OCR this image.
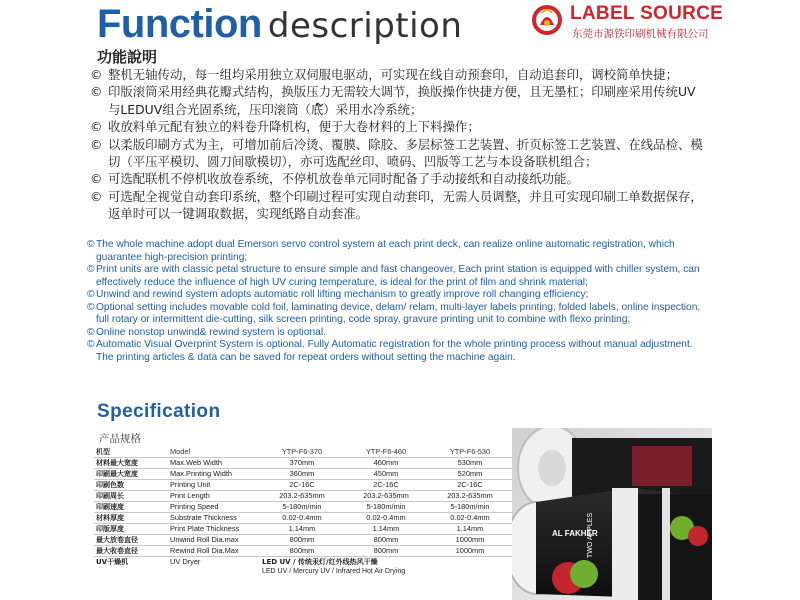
Function description	LABEL SOURCE
东莞市源铁印刷机械有限公司
功能說明
© 整机无轴传动，每一组均采用独立双伺服电驱动，可实现在线自动预套印，自动追套印，调校简单快捷；
© 印版滚筒采用经典花瓣式结构，换版压力无需较大调节，换版操作快捷方便，且无墨杠；印刷座采用传统UV与LEDUV组合光固系统，压印滚筒（底໌）采用水冷系统；
© 收放料单元配有独立的料卷升降机构，便于大卷材料的上下料操作；
© 以柔版印刷方式为主，可增加前后冷烫、覆膜、除胶、多层标签工艺装置、折页标签工艺装置、在线品检、模切（平压平模切、圆刀间歇模切），亦可选配丝印、喷码、凹版等工艺与本设备联机组合；
© 可选配联机不停机收放卷系统，不停机放卷单元同时配备了手动接纸和自动接纸功能。
© 可选配全视觉自动套印系统，整个印刷过程可实现自动套印，无需人员调整，并且可实现印刷工单数据保存，返单时可以一键调取数据，实现纸路自动套准。
© The whole machine adopt dual Emerson servo control system at each print deck, can realize online automatic registration, which guarantee high-precision printing;
© Print units are with classic petal structure to ensure simple and fast changeover, Each print station is equipped with chiller system, can effectively reduce the influence of high UV curing temperature, is ideal for the print of film and shrink material;
© Unwind and rewind system adopts automatic roll lifting mechanism to greatly improve roll changing efficiency;
© Optional setting includes movable cold foil, laminating device, delam/ relam, multi-layer labels printing, folded labels, online inspection, full rotary or intermittent die-cutting, silk screen printing, code spray, gravure printing unit to combine with flexo printing;
© Online nonstop unwind& rewind system is optional.
© Automatic Visual Overprint System is optional. Fully Automatic registration for the whole printing process without manual adjustment. The printing articles & data can be saved for repeat orders without setting the machine again.
Specification
产品规格
机型	Model	YTP-F6-370	YTP-F6-460	YTP-F6-530
材料最大宽度	Max.Web Width	370mm	460mm	530mm
印刷最大宽度	Max.Printing Width	360mm	450mm	520mm
印刷色数	Printing Unit	2C-16C	2C-16C	2C-16C
印刷周长	Print Length	203.2-635mm	203.2-635mm	203.2-635mm
印刷速度	Printing Speed	5-180m/min	5-180m/min	5-180m/min
材料厚度	Substrate Thickness	0.02-0.4mm	0.02-0.4mm	0.02-0.4mm
印版厚度	Print Plate Thickness	1.14mm	1.14mm	1.14mm
最大放卷直径	Unwind Roll Dia.max	800mm	800mm	1000mm
最大收卷直径	Rewind Roll Dia.Max	800mm	800mm	1000mm
UV干燥机	UV Dryer	LED UV / 传统汞灯/红外线热风干燥
LED UV / Mercury UV / Infrared Hot Air Drying		
AL FAKHER
TWO APPLES
